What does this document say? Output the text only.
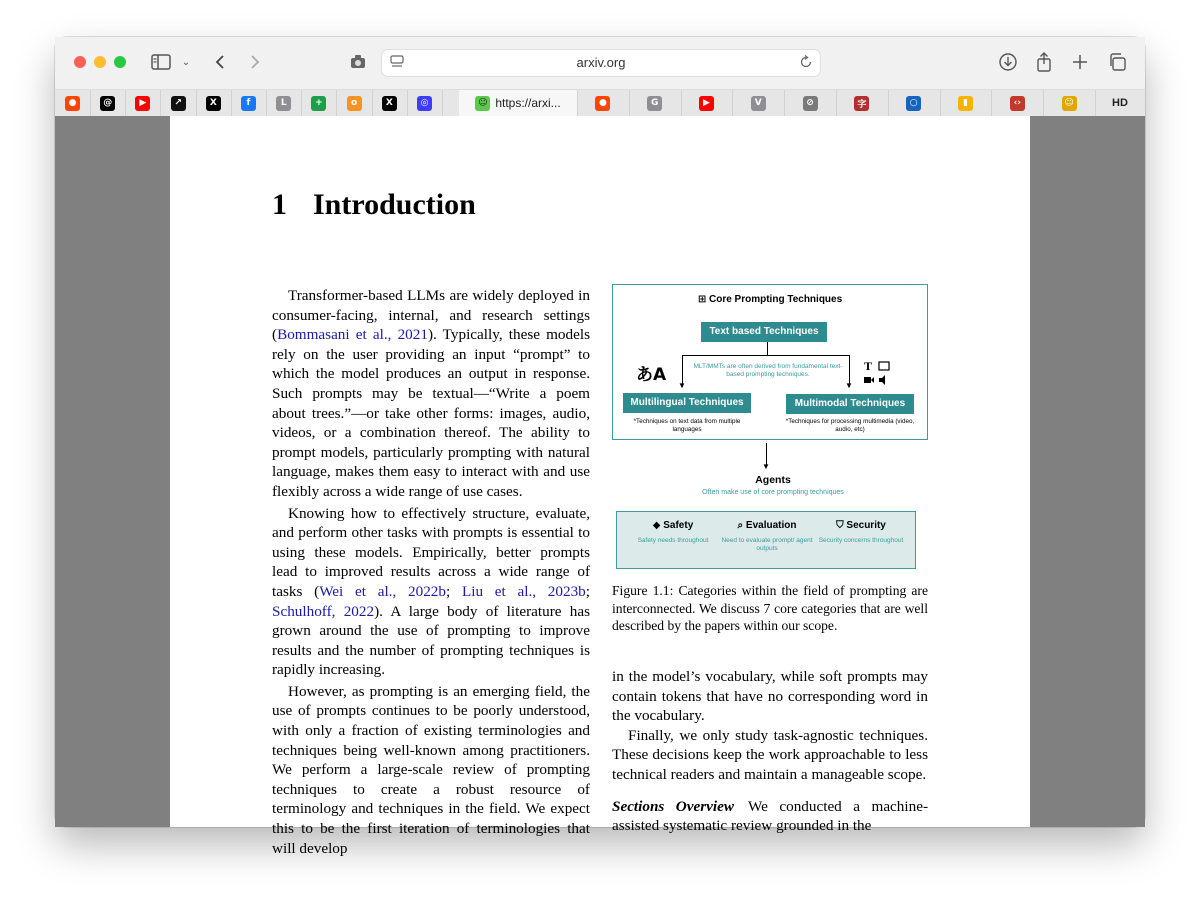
⌄	arxiv.org
☺ https://arxi...	HD
●	@	▶	↗	X	f	L	+	o	X	◎	●	G	▶	V	⊘	字	○	▮	‹›	☺
1 Introduction

Transformer-based LLMs are widely deployed in consumer-facing, internal, and research settings (Bommasani et al., 2021). Typically, these models rely on the user providing an input “prompt” to which the model produces an output in response. Such prompts may be textual—“Write a poem about trees.”—or take other forms: images, audio, videos, or a combination thereof. The ability to prompt models, particularly prompting with natural language, makes them easy to interact with and use flexibly across a wide range of use cases.

Knowing how to effectively structure, evaluate, and perform other tasks with prompts is essential to using these models. Empirically, better prompts lead to improved results across a wide range of tasks (Wei et al., 2022b; Liu et al., 2023b; Schulhoff, 2022). A large body of literature has grown around the use of prompting to improve results and the number of prompting techniques is rapidly increasing.

However, as prompting is an emerging field, the use of prompts continues to be poorly understood, with only a fraction of existing terminologies and techniques being well-known among practitioners. We perform a large-scale review of prompting techniques to create a robust resource of terminology and techniques in the field. We expect this to be the first iteration of terminologies that will develop

⊞ Core Prompting Techniques
Text based Techniques
▼	▼
MLT/MMTs are often derived from fundamental text-based prompting techniques.
あA	T
Multilingual Techniques	Multimodal Techniques
*Techniques on text data from multiple languages
*Techniques for processing multimedia (video, audio, etc)
▼
Agents
Often make use of core prompting techniques
◆ Safety
Safety needs throughout
⌕ Evaluation
Need to evaluate prompt/ agent outputs
⛉ Security
Security concerns throughout
Figure 1.1: Categories within the field of prompting are interconnected. We discuss 7 core categories that are well described by the papers within our scope.

in the model’s vocabulary, while soft prompts may contain tokens that have no corresponding word in the vocabulary.

Finally, we only study task-agnostic techniques. These decisions keep the work approachable to less technical readers and maintain a manageable scope.

Sections Overview We conducted a machine-assisted systematic review grounded in the
